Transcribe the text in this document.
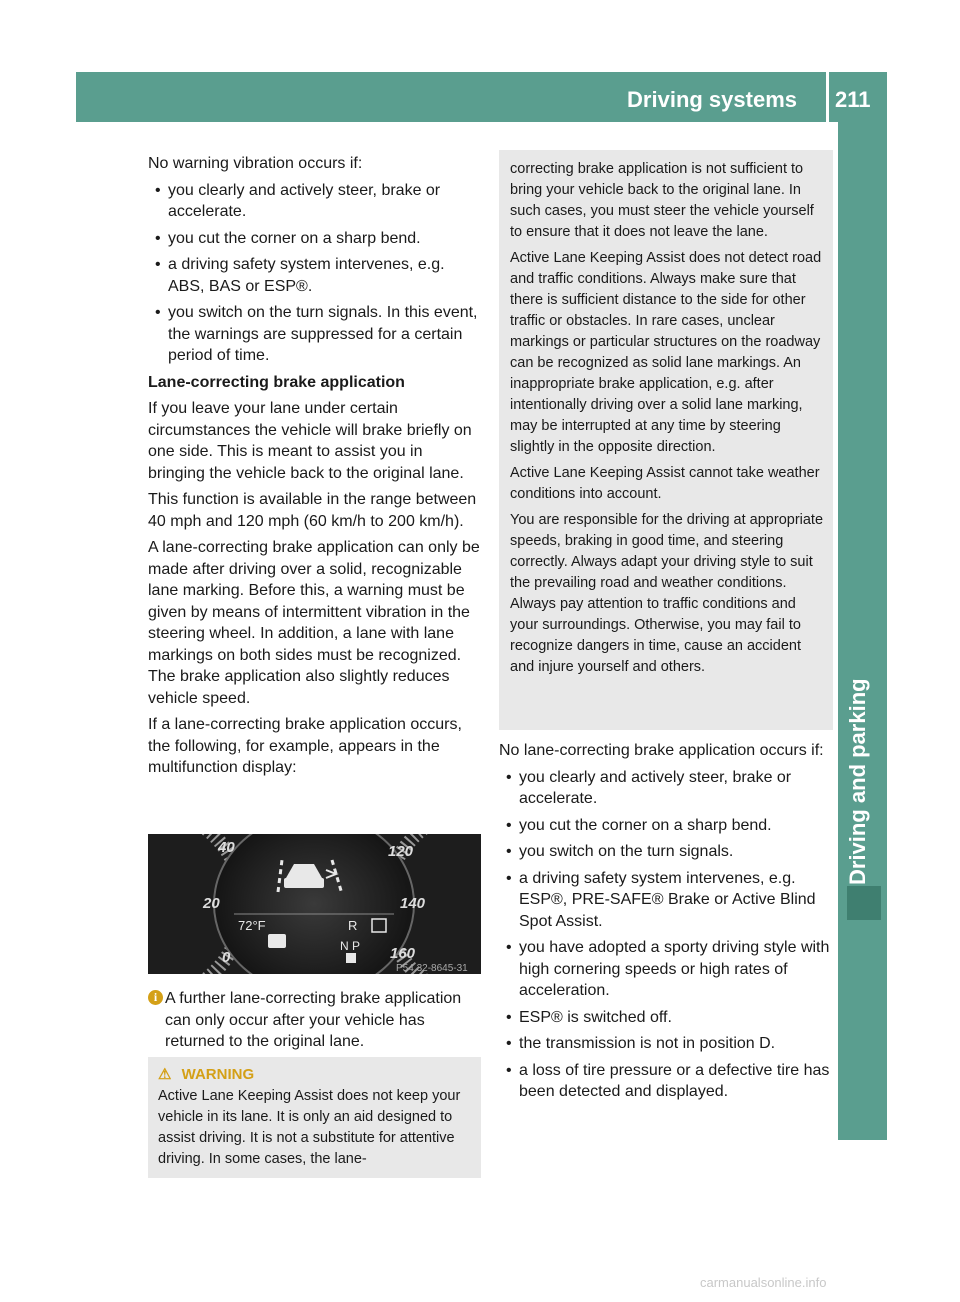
Driving systems	211
Driving and parking

No warning vibration occurs if:

• you clearly and actively steer, brake or accelerate.
• you cut the corner on a sharp bend.
• a driving safety system intervenes, e.g. ABS, BAS or ESP®.
• you switch on the turn signals. In this event, the warnings are suppressed for a certain period of time.

Lane-correcting brake application

If you leave your lane under certain circumstances the vehicle will brake briefly on one side. This is meant to assist you in bringing the vehicle back to the original lane.

This function is available in the range between 40 mph and 120 mph (60 km/h to 200 km/h).

A lane-correcting brake application can only be made after driving over a solid, recognizable lane marking. Before this, a warning must be given by means of intermittent vibration in the steering wheel. In addition, a lane with lane markings on both sides must be recognized. The brake application also slightly reduces vehicle speed.

If a lane-correcting brake application occurs, the following, for example, appears in the multifunction display:

40
20
0
120
140
160
72°F	R
N P
P54.32-8645-31
i A further lane-correcting brake application can only occur after your vehicle has returned to the original lane.
⚠ WARNING
Active Lane Keeping Assist does not keep your vehicle in its lane. It is only an aid designed to assist driving. It is not a substitute for attentive driving. In some cases, the lane-

correcting brake application is not sufficient to bring your vehicle back to the original lane. In such cases, you must steer the vehicle yourself to ensure that it does not leave the lane.

Active Lane Keeping Assist does not detect road and traffic conditions. Always make sure that there is sufficient distance to the side for other traffic or obstacles. In rare cases, unclear markings or particular structures on the roadway can be recognized as solid lane markings. An inappropriate brake application, e.g. after intentionally driving over a solid lane marking, may be interrupted at any time by steering slightly in the opposite direction.

Active Lane Keeping Assist cannot take weather conditions into account.

You are responsible for the driving at appropriate speeds, braking in good time, and steering correctly. Always adapt your driving style to suit the prevailing road and weather conditions. Always pay attention to traffic conditions and your surroundings. Otherwise, you may fail to recognize dangers in time, cause an accident and injure yourself and others.

No lane-correcting brake application occurs if:

• you clearly and actively steer, brake or accelerate.
• you cut the corner on a sharp bend.
• you switch on the turn signals.
• a driving safety system intervenes, e.g. ESP®, PRE-SAFE® Brake or Active Blind Spot Assist.
• you have adopted a sporty driving style with high cornering speeds or high rates of acceleration.
• ESP® is switched off.
• the transmission is not in position D.
• a loss of tire pressure or a defective tire has been detected and displayed.
carmanualsonline.info
